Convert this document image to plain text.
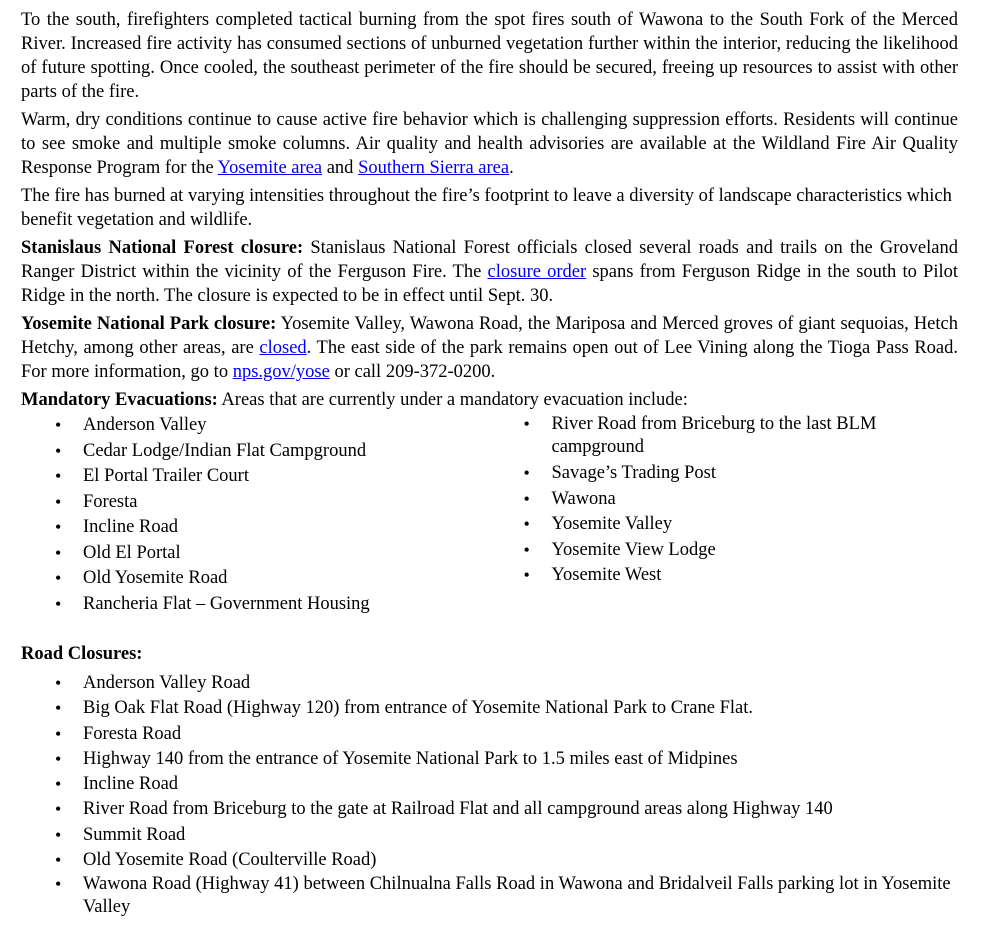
To the south, firefighters completed tactical burning from the spot fires south of Wawona to the South Fork of the Merced River. Increased fire activity has consumed sections of unburned vegetation further within the interior, reducing the likelihood of future spotting. Once cooled, the southeast perimeter of the fire should be secured, freeing up resources to assist with other parts of the fire.

Warm, dry conditions continue to cause active fire behavior which is challenging suppression efforts. Residents will continue to see smoke and multiple smoke columns. Air quality and health advisories are available at the Wildland Fire Air Quality Response Program for the Yosemite area and Southern Sierra area.

The fire has burned at varying intensities throughout the fire’s footprint to leave a diversity of landscape characteristics which benefit vegetation and wildlife.

Stanislaus National Forest closure: Stanislaus National Forest officials closed several roads and trails on the Groveland Ranger District within the vicinity of the Ferguson Fire. The closure order spans from Ferguson Ridge in the south to Pilot Ridge in the north. The closure is expected to be in effect until Sept. 30.

Yosemite National Park closure: Yosemite Valley, Wawona Road, the Mariposa and Merced groves of giant sequoias, Hetch Hetchy, among other areas, are closed. The east side of the park remains open out of Lee Vining along the Tioga Pass Road. For more information, go to nps.gov/yose or call 209-372-0200.

Mandatory Evacuations: Areas that are currently under a mandatory evacuation include:

• Anderson Valley
• Cedar Lodge/Indian Flat Campground
• El Portal Trailer Court
• Foresta
• Incline Road
• Old El Portal
• Old Yosemite Road
• Rancheria Flat – Government Housing
• River Road from Briceburg to the last BLM campground
• Savage’s Trading Post
• Wawona
• Yosemite Valley
• Yosemite View Lodge
• Yosemite West

Road Closures:

• Anderson Valley Road
• Big Oak Flat Road (Highway 120) from entrance of Yosemite National Park to Crane Flat.
• Foresta Road
• Highway 140 from the entrance of Yosemite National Park to 1.5 miles east of Midpines
• Incline Road
• River Road from Briceburg to the gate at Railroad Flat and all campground areas along Highway 140
• Summit Road
• Old Yosemite Road (Coulterville Road)
• Wawona Road (Highway 41) between Chilnualna Falls Road in Wawona and Bridalveil Falls parking lot in Yosemite Valley
